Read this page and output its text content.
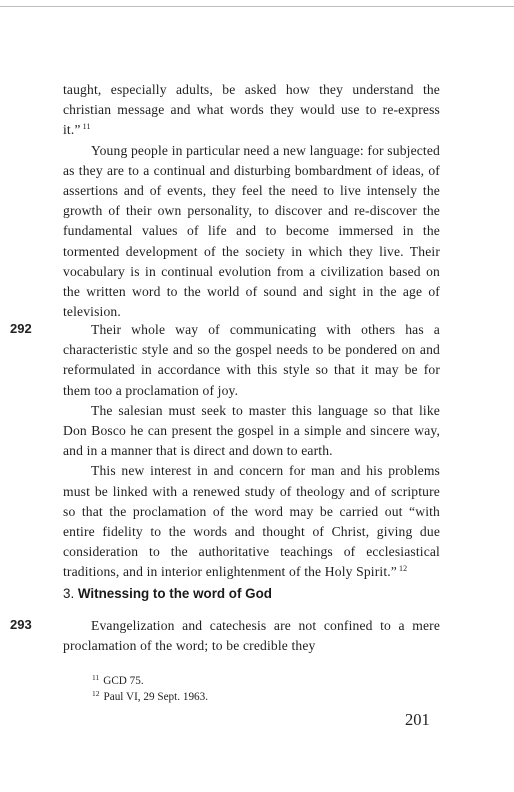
taught, especially adults, be asked how they understand the christian message and what words they would use to re-express it.” $^{11}$

Young people in particular need a new language: for subjected as they are to a continual and disturbing bombardment of ideas, of assertions and of events, they feel the need to live intensely the growth of their own personality, to discover and re-discover the fundamental values of life and to become immersed in the tormented development of the society in which they live. Their vocabulary is in continual evolution from a civilization based on the written word to the world of sound and sight in the age of television.

292	Their whole way of communicating with others has a characteristic style and so the gospel needs to be pondered on and reformulated in accordance with this style so that it may be for them too a proclamation of joy.

The salesian must seek to master this language so that like Don Bosco he can present the gospel in a simple and sincere way, and in a manner that is direct and down to earth.

This new interest in and concern for man and his problems must be linked with a renewed study of theology and of scripture so that the proclamation of the word may be carried out “with entire fidelity to the words and thought of Christ, giving due consideration to the authoritative teachings of ecclesiastical traditions, and in interior enlightenment of the Holy Spirit.” $^{12}$

3. Witnessing to the word of God
293	Evangelization and catechesis are not confined to a mere proclamation of the word; to be credible they

$^{11}$ GCD 75.
$^{12}$ Paul VI, 29 Sept. 1963.
201
